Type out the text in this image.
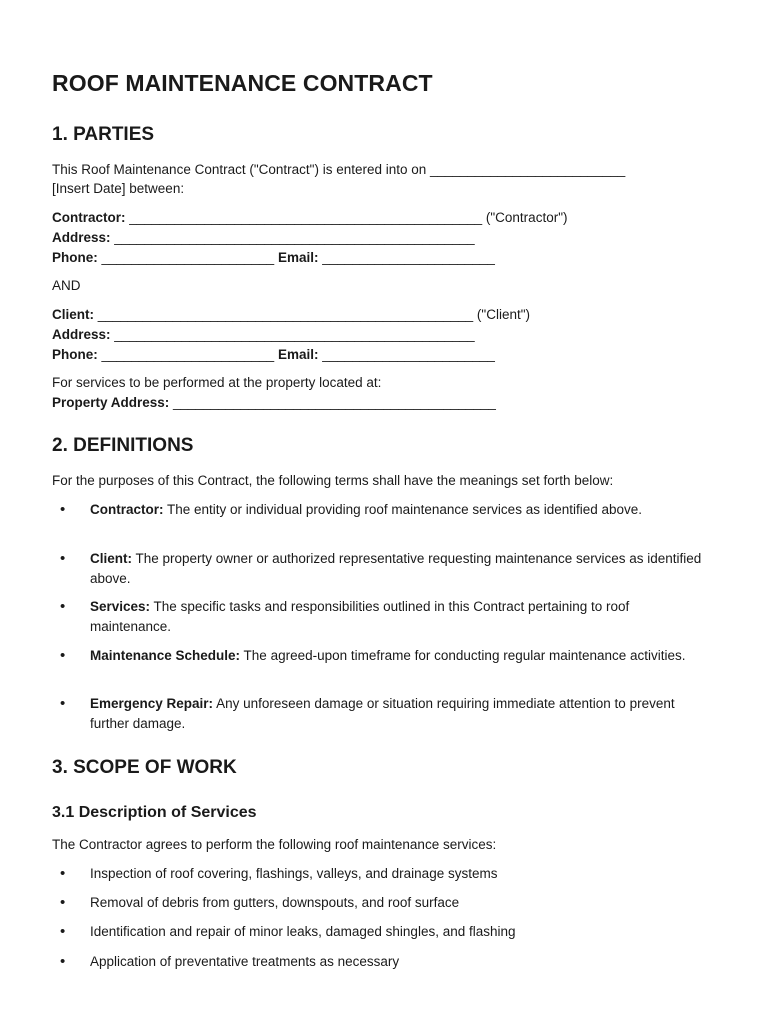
ROOF MAINTENANCE CONTRACT
1. PARTIES

This Roof Maintenance Contract ("Contract") is entered into on __________________________

[Insert Date] between:

Contractor: _______________________________________________ ("Contractor")

Address: ________________________________________________

Phone: _______________________ Email: _______________________

AND

Client: __________________________________________________ ("Client")

Address: ________________________________________________

Phone: _______________________ Email: _______________________

For services to be performed at the property located at:

Property Address: ___________________________________________

2. DEFINITIONS

For the purposes of this Contract, the following terms shall have the meanings set forth below:

• Contractor: The entity or individual providing roof maintenance services as identified above.
• Client: The property owner or authorized representative requesting maintenance services as identified above.
• Services: The specific tasks and responsibilities outlined in this Contract pertaining to roof maintenance.
• Maintenance Schedule: The agreed-upon timeframe for conducting regular maintenance activities.
• Emergency Repair: Any unforeseen damage or situation requiring immediate attention to prevent further damage.
3. SCOPE OF WORK
3.1 Description of Services

The Contractor agrees to perform the following roof maintenance services:

• Inspection of roof covering, flashings, valleys, and drainage systems
• Removal of debris from gutters, downspouts, and roof surface
• Identification and repair of minor leaks, damaged shingles, and flashing
• Application of preventative treatments as necessary
